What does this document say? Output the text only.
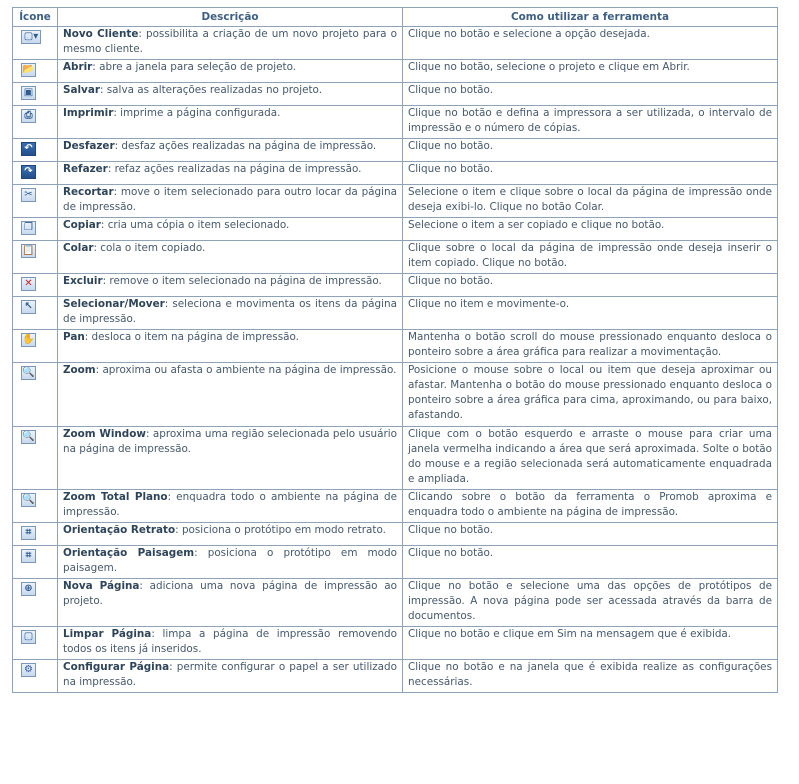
Ícone	Descrição	Como utilizar a ferramenta
▢▾	Novo Cliente: possibilita a criação de um novo projeto para o mesmo cliente.	Clique no botão e selecione a opção desejada.
📂	Abrir: abre a janela para seleção de projeto.	Clique no botão, selecione o projeto e clique em Abrir.
▣	Salvar: salva as alterações realizadas no projeto.	Clique no botão.
⎙	Imprimir: imprime a página configurada.	Clique no botão e defina a impressora a ser utilizada, o intervalo de impressão e o número de cópias.
↶	Desfazer: desfaz ações realizadas na página de impressão.	Clique no botão.
↷	Refazer: refaz ações realizadas na página de impressão.	Clique no botão.
✂	Recortar: move o item selecionado para outro locar da página de impressão.	Selecione o item e clique sobre o local da página de impressão onde deseja exibi-lo. Clique no botão Colar.
❐	Copiar: cria uma cópia o item selecionado.	Selecione o item a ser copiado e clique no botão.
📋	Colar: cola o item copiado.	Clique sobre o local da página de impressão onde deseja inserir o item copiado. Clique no botão.
✕	Excluir: remove o item selecionado na página de impressão.	Clique no botão.
↖	Selecionar/Mover: seleciona e movimenta os itens da página de impressão.	Clique no item e movimente-o.
✋	Pan: desloca o item na página de impressão.	Mantenha o botão scroll do mouse pressionado enquanto desloca o ponteiro sobre a área gráfica para realizar a movimentação.
🔍	Zoom: aproxima ou afasta o ambiente na página de impressão.	Posicione o mouse sobre o local ou item que deseja aproximar ou afastar. Mantenha o botão do mouse pressionado enquanto desloca o ponteiro sobre a área gráfica para cima, aproximando, ou para baixo, afastando.
🔍	Zoom Window: aproxima uma região selecionada pelo usuário na página de impressão.	Clique com o botão esquerdo e arraste o mouse para criar uma janela vermelha indicando a área que será aproximada. Solte o botão do mouse e a região selecionada será automaticamente enquadrada e ampliada.
🔍	Zoom Total Plano: enquadra todo o ambiente na página de impressão.	Clicando sobre o botão da ferramenta o Promob aproxima e enquadra todo o ambiente na página de impressão.
⌗	Orientação Retrato: posiciona o protótipo em modo retrato.	Clique no botão.
⌗	Orientação Paisagem: posiciona o protótipo em modo paisagem.	Clique no botão.
⊕	Nova Página: adiciona uma nova página de impressão ao projeto.	Clique no botão e selecione uma das opções de protótipos de impressão. A nova página pode ser acessada através da barra de documentos.
▢	Limpar Página: limpa a página de impressão removendo todos os itens já inseridos.	Clique no botão e clique em Sim na mensagem que é exibida.
⚙	Configurar Página: permite configurar o papel a ser utilizado na impressão.	Clique no botão e na janela que é exibida realize as configurações necessárias.
